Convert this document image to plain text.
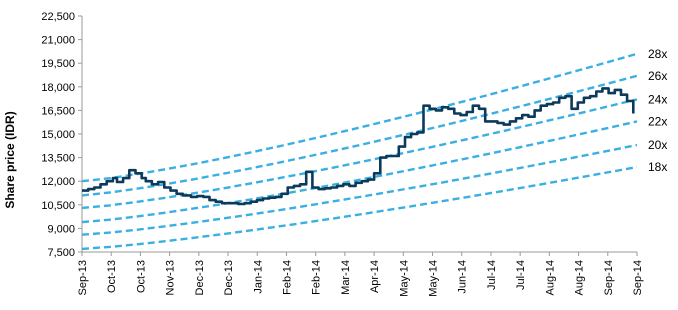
Share price (IDR)
22,500
21,000
19,500
18,000
16,500
15,000
13,500
12,000
10,500
9,000
7,500
Sep-13 Oct-13 Oct-13 Nov-13 Dec-13 Dec-13 Jan-14 Feb-14 Feb-14 Mar-14 Apr-14 May-14 May-14 Jun-14 Jul-14 Jul-14 Aug-14 Aug-14 Sep-14 Sep-14
28x
26x
24x
22x
20x
18x
